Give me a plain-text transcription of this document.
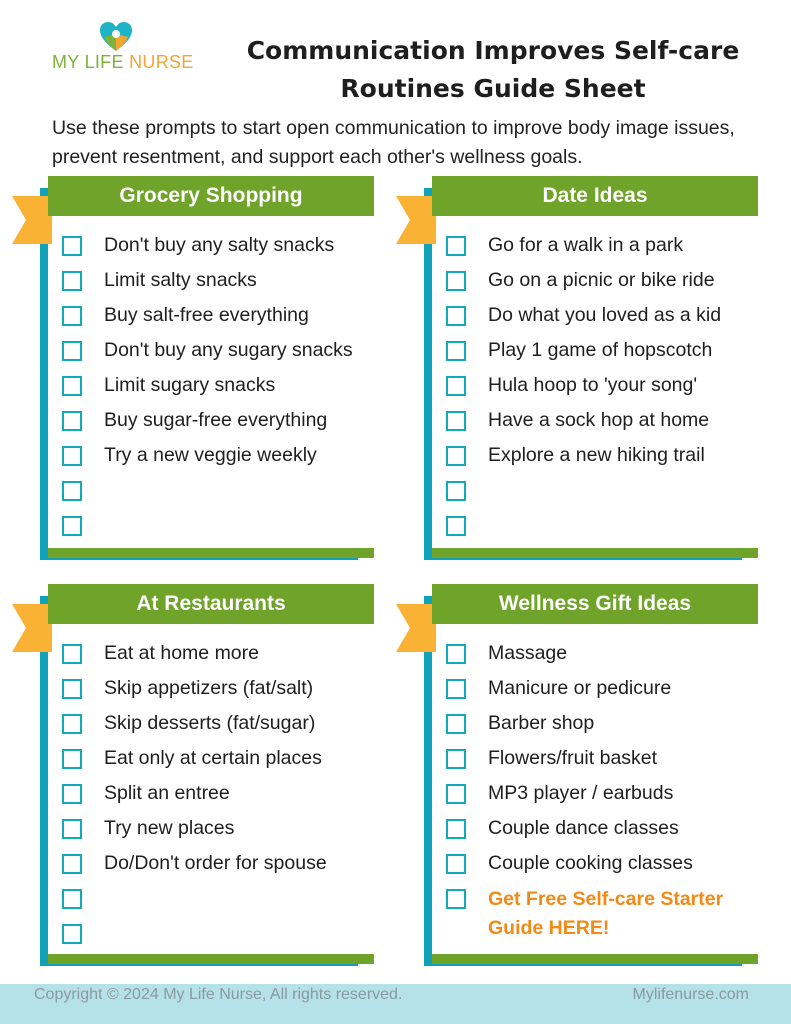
MY LIFE NURSE	Communication Improves Self-care Routines Guide Sheet

Use these prompts to start open communication to improve body image issues, prevent resentment, and support each other's wellness goals.

Grocery Shopping
Don't buy any salty snacks
Limit salty snacks
Buy salt-free everything
Don't buy any sugary snacks
Limit sugary snacks
Buy sugar-free everything
Try a new veggie weekly
Date Ideas
Go for a walk in a park
Go on a picnic or bike ride
Do what you loved as a kid
Play 1 game of hopscotch
Hula hoop to 'your song'
Have a sock hop at home
Explore a new hiking trail
At Restaurants
Eat at home more
Skip appetizers (fat/salt)
Skip desserts (fat/sugar)
Eat only at certain places
Split an entree
Try new places
Do/Don't order for spouse
Wellness Gift Ideas
Massage
Manicure or pedicure
Barber shop
Flowers/fruit basket
MP3 player / earbuds
Couple dance classes
Couple cooking classes
Get Free Self-care Starter Guide HERE!
Copyright © 2024 My Life Nurse, All rights reserved.	Mylifenurse.com
